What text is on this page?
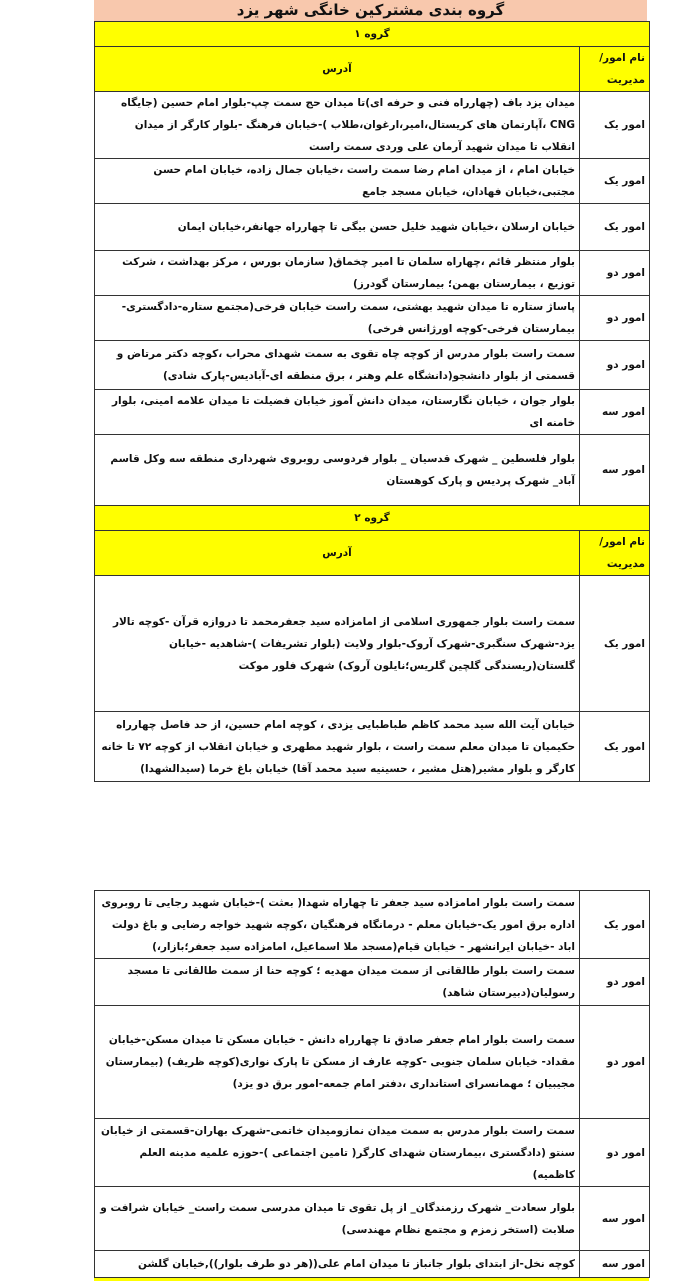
گروه بندی مشترکین خانگی شهر یزد
گروه ۱	
نام امور/مدیریت	آدرس
امور یک	میدان یزد باف (چهارراه فنی و حرفه ای)تا میدان حج سمت چپ-بلوار امام حسین (جایگاه CNG ،آپارتمان های کریستال،امیر،ارغوان،طلاب )-خیابان فرهنگ -بلوار کارگر از میدان انقلاب تا میدان شهید آرمان علی وردی سمت راست
امور یک	خیابان امام ، از میدان امام رضا سمت راست ،خیابان جمال زاده، خیابان امام حسن مجتبی،خیابان فهادان، خیابان مسجد جامع
امور یک	خیابان ارسلان ،خیابان شهید خلیل حسن بیگی تا چهارراه جهانفر،خیابان ایمان
امور دو	بلوار منتظر قائم ،چهاراه سلمان تا امیر چخماق( سازمان بورس ، مرکز بهداشت ، شرکت توزیع ، بیمارستان بهمن؛ بیمارستان گودرز)
امور دو	پاساژ ستاره تا میدان شهید بهشتی، سمت راست خیابان فرخی(مجتمع ستاره-دادگستری-بیمارستان فرخی-کوچه اورژانس فرخی)
امور دو	سمت راست بلوار مدرس از کوچه چاه تقوی به سمت شهدای محراب ،کوچه دکتر مرتاض و قسمتی از بلوار دانشجو(دانشگاه علم وهنر ، برق منطقه ای-آبادیس-پارک شادی)
امور سه	بلوار جوان ، خیابان نگارستان، میدان دانش آموز خیابان فضیلت تا میدان علامه امینی، بلوار خامنه ای
امور سه	بلوار فلسطین _ شهرک قدسیان _ بلوار فردوسی روبروی شهرداری منطقه سه وکل قاسم آباد_ شهرک پردیس و پارک کوهستان
گروه ۲	
نام امور/مدیریت	آدرس
امور یک	سمت راست بلوار جمهوری اسلامی از امامزاده سید جعفرمحمد تا دروازه قرآن -کوچه تالار یزد-شهرک سنگبری-شهرک آروک-بلوار ولایت (بلوار تشریفات )-شاهدیه -خیابان گلستان(ریسندگی گلچین گلریس؛نایلون آروک) شهرک فلور موکت
امور یک	خیابان آیت الله سید محمد کاظم طباطبایی یزدی ، کوچه امام حسین، از حد فاصل چهارراه حکیمیان تا میدان معلم سمت راست ، بلوار شهید مطهری و خیابان انقلاب از کوچه ۷۲ تا خانه کارگر و بلوار مشیر(هتل مشیر ، حسینیه سید محمد آقا) خیابان باغ خرما (سیدالشهدا)
امور یک	سمت راست بلوار امامزاده سید جعفر تا چهاراه شهدا( بعثت )-خیابان شهید رجایی تا روبروی اداره برق امور یک-خیابان معلم - درمانگاه فرهنگیان ،کوچه شهید خواجه رضایی و باغ دولت اباد -خیابان ایرانشهر - خیابان قیام(مسجد ملا اسماعیل، امامزاده سید جعفر؛بازار،)
امور دو	سمت راست بلوار طالقانی از سمت میدان مهدیه ؛ کوچه حنا از سمت طالقانی تا مسجد رسولیان(دبیرستان شاهد)
امور دو	سمت راست بلوار امام جعفر صادق تا چهارراه دانش - خیابان مسکن تا میدان مسکن-خیابان مقداد- خیابان سلمان جنوبی -کوچه عارف از مسکن تا پارک نواری(کوچه ظریف) (بیمارستان مجیبیان ؛ مهمانسرای استانداری ،دفتر امام جمعه-امور برق دو یزد)
امور دو	سمت راست بلوار مدرس به سمت میدان نمازومیدان خاتمی-شهرک بهاران-قسمتی از خیابان سنتو (دادگستری ،بیمارستان شهدای کارگر( تامین اجتماعی )-حوزه علمیه مدینه العلم کاظمیه)
امور سه	بلوار سعادت_ شهرک رزمندگان_ از پل تقوی تا میدان مدرسی سمت راست_ خیابان شرافت و صلابت (استخر زمزم و مجتمع نظام مهندسی)
امور سه	کوچه نخل-از ابتدای بلوار جانباز تا میدان امام علی((هر دو طرف بلوار)),خیابان گلشن
